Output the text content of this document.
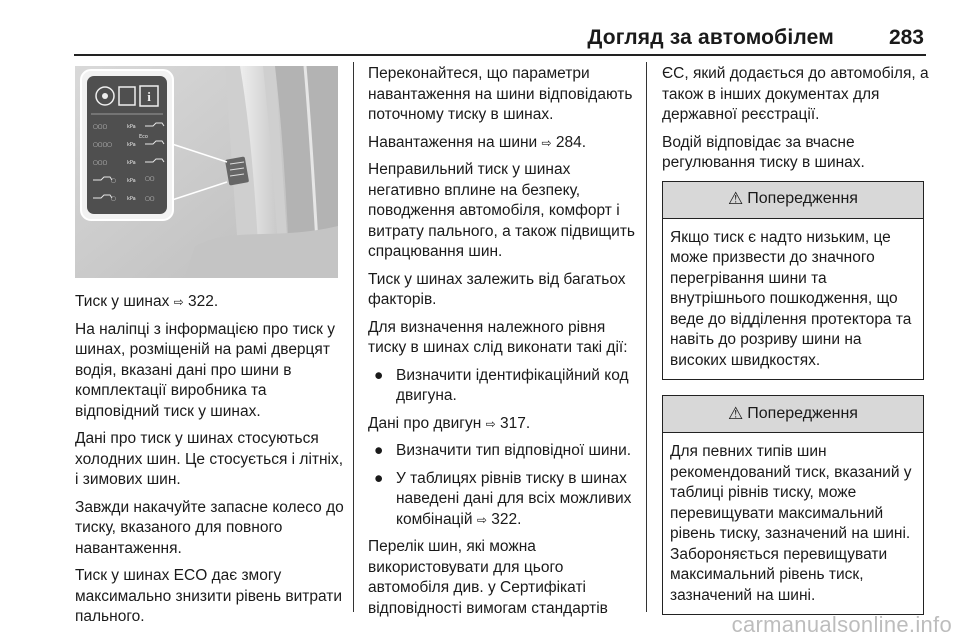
Догляд за автомобілем	283
i
▢▢▢	kPa
▢▢▢▢	kPa
Eco
▢▢▢	kPa
▢ kPa
▢ kPa
▢▢
▢▢

Тиск у шинах ⇨ 322.

На наліпці з інформацією про тиск у шинах, розміщеній на рамі дверцят водія, вказані дані про шини в комплектації виробника та відповідний тиск у шинах.

Дані про тиск у шинах стосуються холодних шин. Це стосується і літніх, і зимових шин.

Завжди накачуйте запасне колесо до тиску, вказаного для повного навантаження.

Тиск у шинах ECO дає змогу максимально знизити рівень витрати пального.

Переконайтеся, що параметри навантаження на шини відповідають поточному тиску в шинах.

Навантаження на шини ⇨ 284.

Неправильний тиск у шинах негативно вплине на безпеку, поводження автомобіля, комфорт і витрату пального, а також підвищить спрацювання шин.

Тиск у шинах залежить від багатьох факторів.

Для визначення належного рівня тиску в шинах слід виконати такі дії:

● Визначити ідентифікаційний код двигуна.

Дані про двигун ⇨ 317.

● Визначити тип відповідної шини.
● У таблицях рівнів тиску в шинах наведені дані для всіх можливих комбінацій ⇨ 322.

Перелік шин, які можна використовувати для цього автомобіля див. у Сертифікаті відповідності вимогам стандартів

ЄС, який додається до автомобіля, а також в інших документах для державної реєстрації.

Водій відповідає за вчасне регулювання тиску в шинах.

⚠ Попередження
Якщо тиск є надто низьким, це може призвести до значного перегрівання шини та внутрішнього пошкодження, що веде до відділення протектора та навіть до розриву шини на високих швидкостях.
⚠ Попередження
Для певних типів шин рекомендований тиск, вказаний у таблиці рівнів тиску, може перевищувати максимальний рівень тиску, зазначений на шині. Забороняється перевищувати максимальний рівень тиск, зазначений на шині.
carmanualsonline.info
